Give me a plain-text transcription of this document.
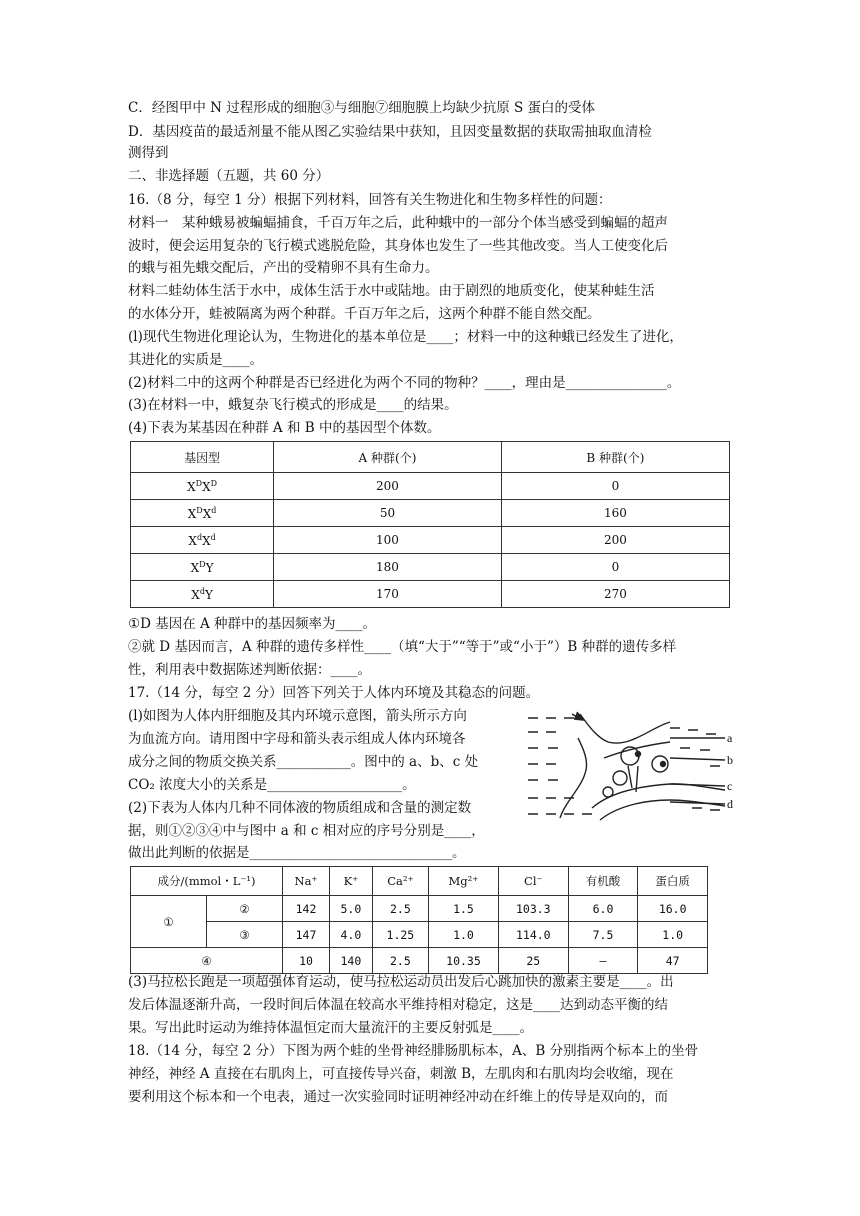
C．经图甲中 N 过程形成的细胞③与细胞⑦细胞膜上均缺少抗原 S 蛋白的受体
D．基因疫苗的最适剂量不能从图乙实验结果中获知，且因变量数据的获取需抽取血清检
测得到
二、非选择题（五题，共 60 分）
16.（8 分，每空 1 分）根据下列材料，回答有关生物进化和生物多样性的问题：
材料一　某种蛾易被蝙蝠捕食，千百万年之后，此种蛾中的一部分个体当感受到蝙蝠的超声
波时，便会运用复杂的飞行模式逃脱危险，其身体也发生了一些其他改变。当人工使变化后
的蛾与祖先蛾交配后，产出的受精卵不具有生命力。
材料二蛙幼体生活于水中，成体生活于水中或陆地。由于剧烈的地质变化，使某种蛙生活
的水体分开，蛙被隔离为两个种群。千百万年之后，这两个种群不能自然交配。
(l)现代生物进化理论认为，生物进化的基本单位是____；材料一中的这种蛾已经发生了进化，
其进化的实质是____。
(2)材料二中的这两个种群是否已经进化为两个不同的物种？____，理由是_______________。
(3)在材料一中，蛾复杂飞行模式的形成是____的结果。
(4)下表为某基因在种群 A 和 B 中的基因型个体数。
①D 基因在 A 种群中的基因频率为____。
②就 D 基因而言，A 种群的遗传多样性____（填“大于”“等于”或“小于”）B 种群的遗传多样
性，利用表中数据陈述判断依据：____。
17.（14 分，每空 2 分）回答下列关于人体内环境及其稳态的问题。
(l)如图为人体内肝细胞及其内环境示意图，箭头所示方向
为血流方向。请用图中字母和箭头表示组成人体内环境各
成分之间的物质交换关系___________。图中的 a、b、c 处
CO₂ 浓度大小的关系是____________________。
(2)下表为人体内几种不同体液的物质组成和含量的测定数
据，则①②③④中与图中 a 和 c 相对应的序号分别是____，
做出此判断的依据是______________________________。
(3)马拉松长跑是一项超强体育运动，使马拉松运动员出发后心跳加快的激素主要是____。出
发后体温逐渐升高，一段时间后体温在较高水平维持相对稳定，这是____达到动态平衡的结
果。写出此时运动为维持体温恒定而大量流汗的主要反射弧是____。
18.（14 分，每空 2 分）下图为两个蛙的坐骨神经腓肠肌标本，A、B 分别指两个标本上的坐骨
神经，神经 A 直接在右肌肉上，可直接传导兴奋，刺激 B，左肌肉和右肌肉均会收缩，现在
要利用这个标本和一个电表，通过一次实验同时证明神经冲动在纤维上的传导是双向的，而
基因型	A 种群(个)	B 种群(个)
$X^DX^D$	200	0
$X^DX^d$	50	160
$X^dX^d$	100	200
$X^DY$	180	0
$X^dY$	170	270
a
b
c
d
成分/(mmol・L⁻¹)		Na⁺	K⁺	Ca²⁺	Mg²⁺	Cl⁻	有机酸	蛋白质
①	②	142	5.0	2.5	1.5	103.3	6.0	16.0
	③	147	4.0	1.25	1.0	114.0	7.5	1.0
④		10	140	2.5	10.35	25	—	47
